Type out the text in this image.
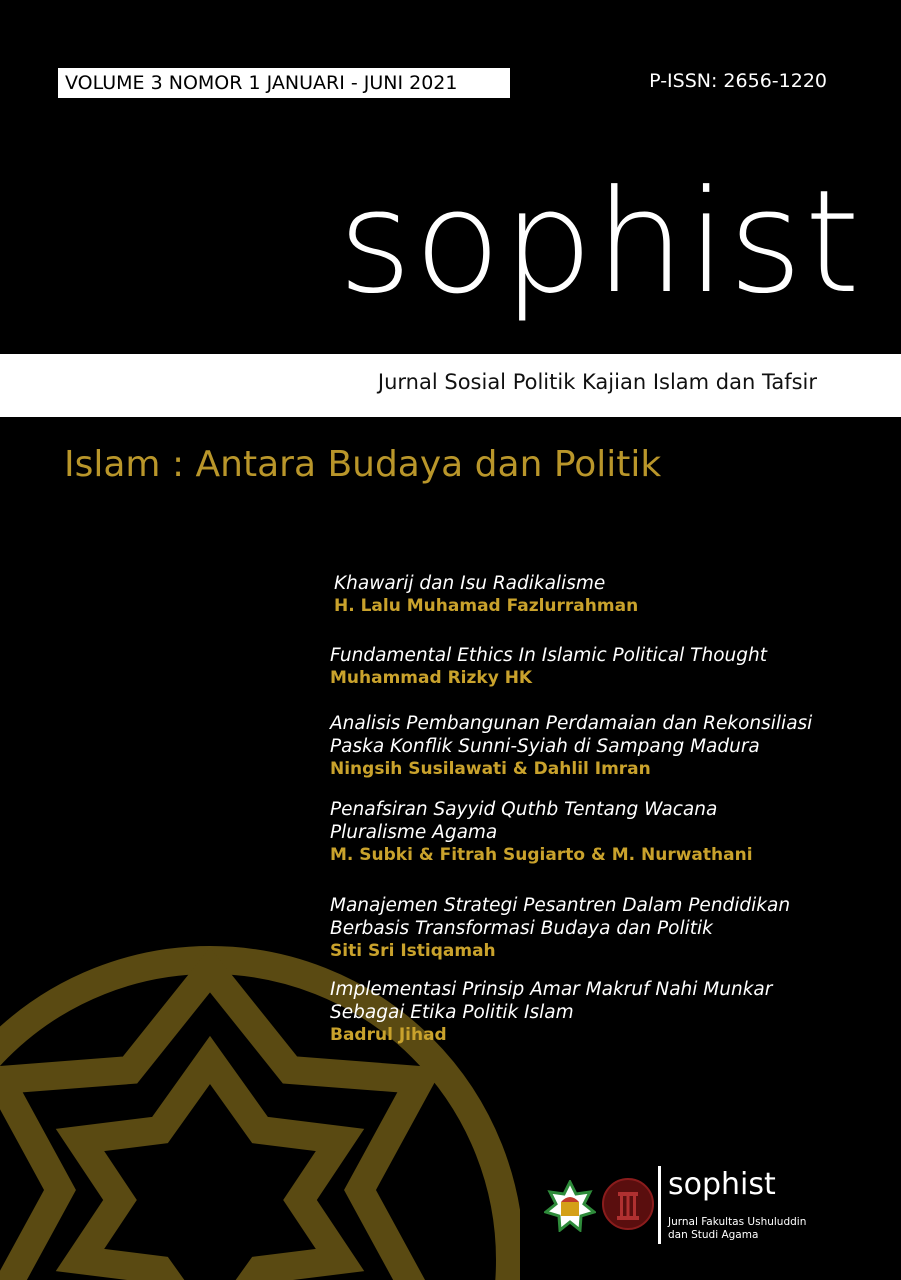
VOLUME 3 NOMOR 1 JANUARI - JUNI 2021	P-ISSN: 2656-1220
sophist
Jurnal Sosial Politik Kajian Islam dan Tafsir
Islam : Antara Budaya dan Politik
Khawarij dan Isu Radikalisme
H. Lalu Muhamad Fazlurrahman
Fundamental Ethics In Islamic Political Thought
Muhammad Rizky HK
Analisis Pembangunan Perdamaian dan Rekonsiliasi
Paska Konflik Sunni-Syiah di Sampang Madura
Ningsih Susilawati & Dahlil Imran
Penafsiran Sayyid Quthb Tentang Wacana
Pluralisme Agama
M. Subki & Fitrah Sugiarto & M. Nurwathani
Manajemen Strategi Pesantren Dalam Pendidikan
Berbasis Transformasi Budaya dan Politik
Siti Sri Istiqamah
Implementasi Prinsip Amar Makruf Nahi Munkar
Sebagai Etika Politik Islam
Badrul Jihad
sophist
Jurnal Fakultas Ushuluddin
dan Studi Agama
